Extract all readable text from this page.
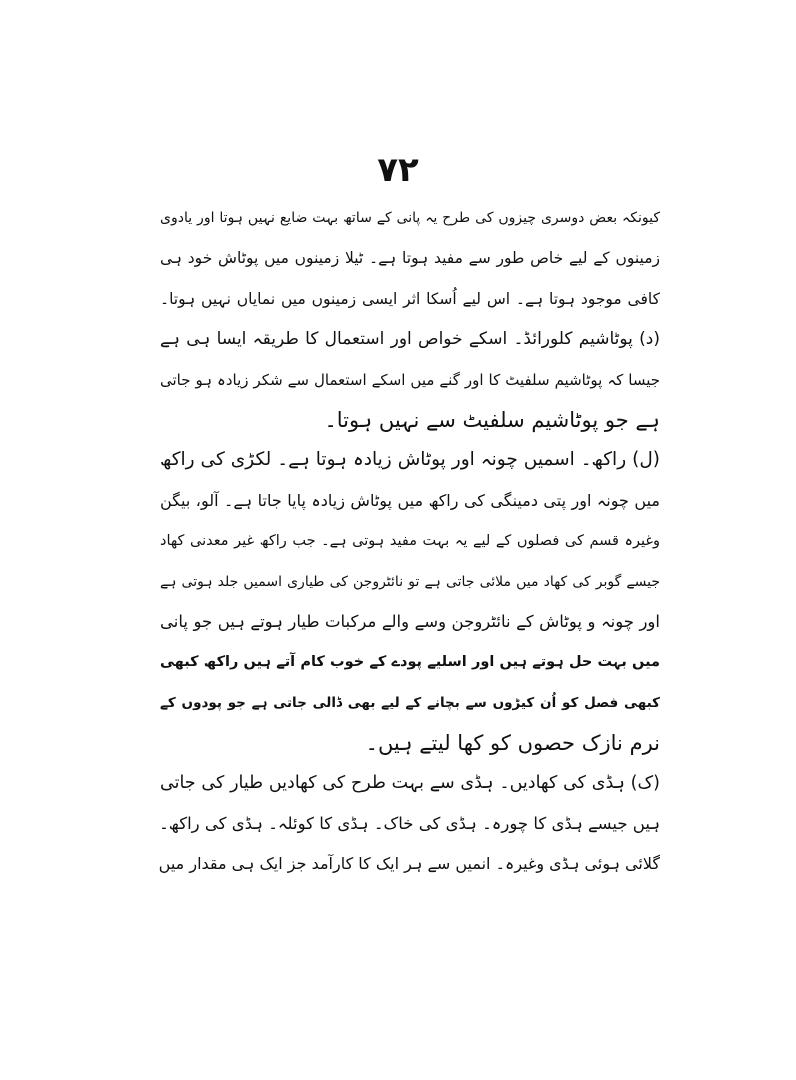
۷۲
کیونکہ بعض دوسری چیزوں کی طرح یہ پانی کے ساتھ بہت ضایع نہیں ہوتا اور یادوی
زمینوں کے لیے خاص طور سے مفید ہوتا ہے۔ ٹیلا زمینوں میں پوٹاش خود ہی
کافی موجود ہوتا ہے۔ اس لیے اُسکا اثر ایسی زمینوں میں نمایاں نہیں ہوتا۔
(د) پوٹاشیم کلورائڈ۔ اسکے خواص اور استعمال کا طریقہ ایسا ہی ہے
جیسا کہ پوٹاشیم سلفیٹ کا اور گنے میں اسکے استعمال سے شکر زیادہ ہو جاتی
ہے جو پوٹاشیم سلفیٹ سے نہیں ہوتا۔
(ل) راکھ۔ اسمیں چونہ اور پوٹاش زیادہ ہوتا ہے۔ لکڑی کی راکھ
میں چونہ اور پتی دمینگی کی راکھ میں پوٹاش زیادہ پایا جاتا ہے۔ آلو، بیگن
وغیرہ قسم کی فصلوں کے لیے یہ بہت مفید ہوتی ہے۔ جب راکھ غیر معدنی کھاد
جیسے گوبر کی کھاد میں ملائی جاتی ہے تو نائٹروجن کی طیاری اسمیں جلد ہوتی ہے
اور چونہ و پوٹاش کے نائٹروجن وسے والے مرکبات طیار ہوتے ہیں جو پانی
میں بہت حل ہوتے ہیں اور اسلیے پودے کے خوب کام آتے ہیں راکھ کبھی
کبھی فصل کو اُن کیڑوں سے بچانے کے لیے بھی ڈالی جاتی ہے جو پودوں کے
نرم نازک حصوں کو کھا لیتے ہیں۔
(ک) ہڈی کی کھادیں۔ ہڈی سے بہت طرح کی کھادیں طیار کی جاتی
ہیں جیسے ہڈی کا چورہ۔ ہڈی کی خاک۔ ہڈی کا کوئلہ۔ ہڈی کی راکھ۔
گلائی ہوئی ہڈی وغیرہ۔ انمیں سے ہر ایک کا کارآمد جز ایک ہی مقدار میں
